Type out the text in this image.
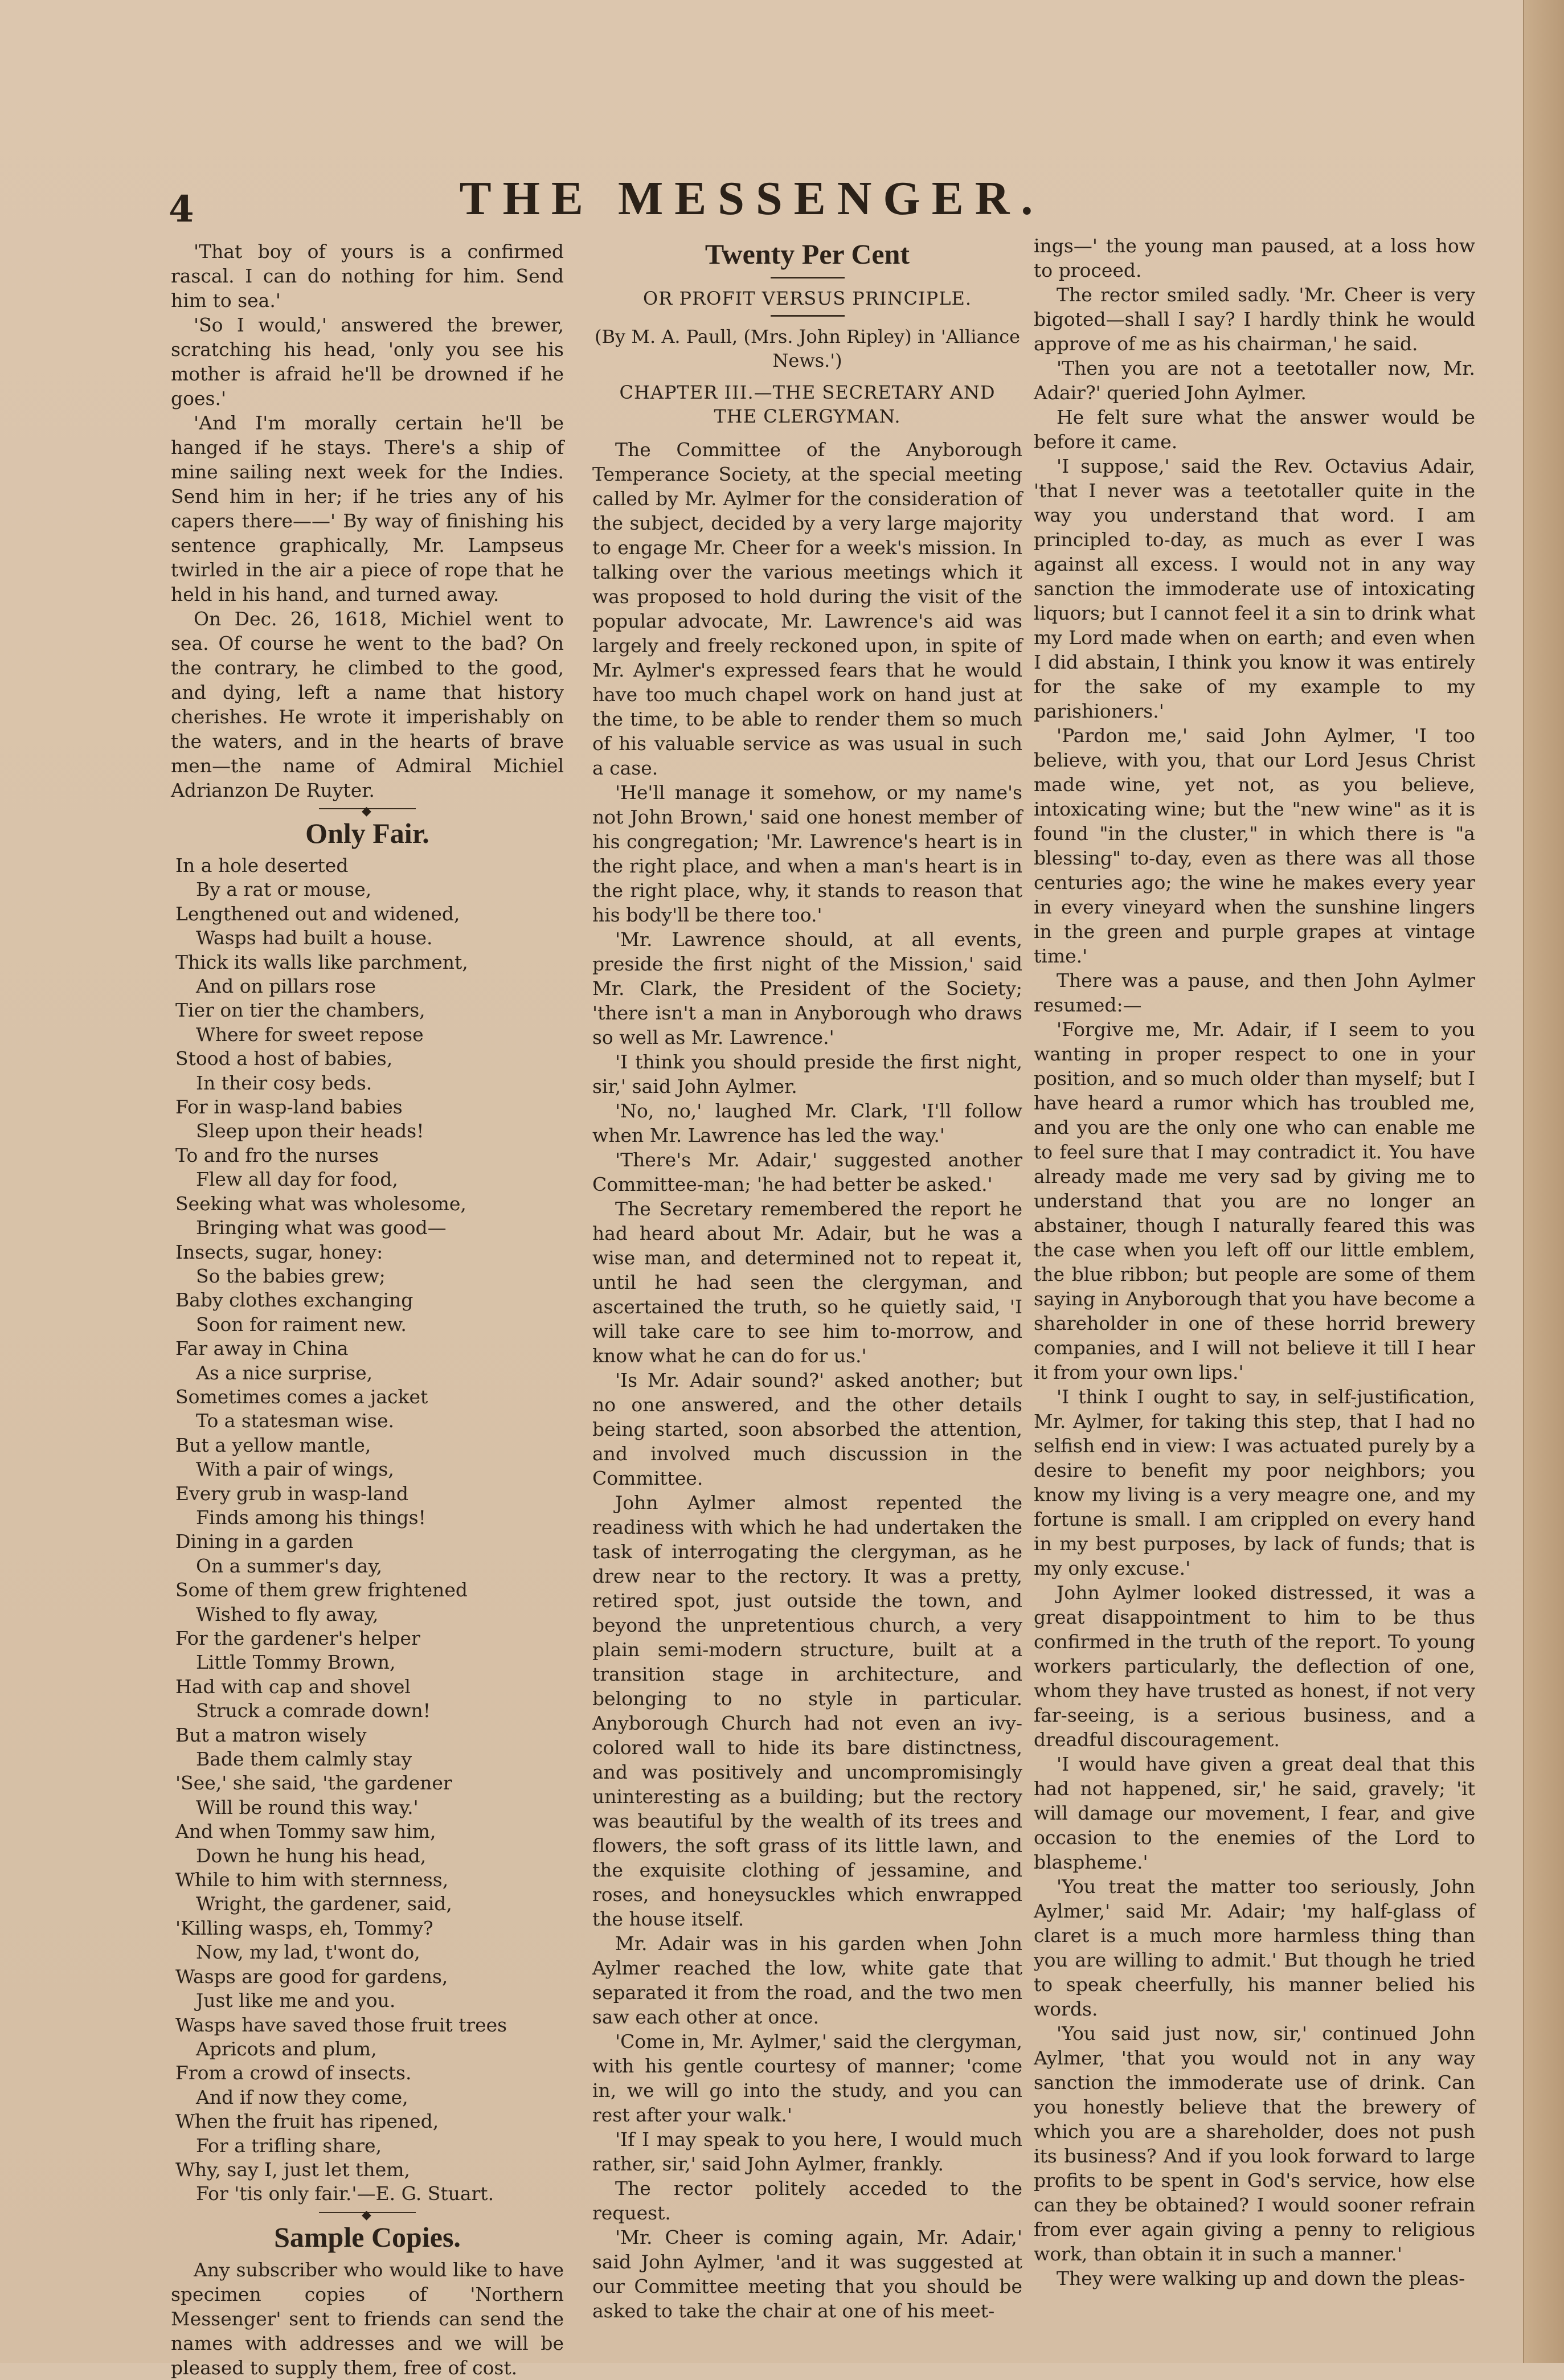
4	THE MESSENGER.

'That boy of yours is a confirmed rascal. I can do nothing for him. Send him to sea.'

'So I would,' answered the brewer, scratching his head, 'only you see his mother is afraid he'll be drowned if he goes.'

'And I'm morally certain he'll be hanged if he stays. There's a ship of mine sailing next week for the Indies. Send him in her; if he tries any of his capers there——' By way of finishing his sentence graphically, Mr. Lampseus twirled in the air a piece of rope that he held in his hand, and turned away.

On Dec. 26, 1618, Michiel went to sea. Of course he went to the bad? On the contrary, he climbed to the good, and dying, left a name that history cherishes. He wrote it imperishably on the waters, and in the hearts of brave men—the name of Admiral Michiel Adrianzon De Ruyter.

◆
Only Fair.
In a hole deserted
By a rat or mouse,
Lengthened out and widened,
Wasps had built a house.
Thick its walls like parchment,
And on pillars rose
Tier on tier the chambers,
Where for sweet repose
Stood a host of babies,
In their cosy beds.
For in wasp-land babies
Sleep upon their heads!
To and fro the nurses
Flew all day for food,
Seeking what was wholesome,
Bringing what was good—
Insects, sugar, honey:
So the babies grew;
Baby clothes exchanging
Soon for raiment new.
Far away in China
As a nice surprise,
Sometimes comes a jacket
To a statesman wise.
But a yellow mantle,
With a pair of wings,
Every grub in wasp-land
Finds among his things!
Dining in a garden
On a summer's day,
Some of them grew frightened
Wished to fly away,
For the gardener's helper
Little Tommy Brown,
Had with cap and shovel
Struck a comrade down!
But a matron wisely
Bade them calmly stay
'See,' she said, 'the gardener
Will be round this way.'
And when Tommy saw him,
Down he hung his head,
While to him with sternness,
Wright, the gardener, said,
'Killing wasps, eh, Tommy?
Now, my lad, t'wont do,
Wasps are good for gardens,
Just like me and you.
Wasps have saved those fruit trees
Apricots and plum,
From a crowd of insects.
And if now they come,
When the fruit has ripened,
For a trifling share,
Why, say I, just let them,
For 'tis only fair.'—E. G. Stuart.
◆
Sample Copies.

Any subscriber who would like to have specimen copies of 'Northern Messenger' sent to friends can send the names with addresses and we will be pleased to supply them, free of cost.

Twenty Per Cent
OR PROFIT VERSUS PRINCIPLE.
(By M. A. Paull, (Mrs. John Ripley) in 'Alliance News.')
CHAPTER III.—THE SECRETARY AND THE CLERGYMAN.

The Committee of the Anyborough Temperance Society, at the special meeting called by Mr. Aylmer for the consideration of the subject, decided by a very large majority to engage Mr. Cheer for a week's mission. In talking over the various meetings which it was proposed to hold during the visit of the popular advocate, Mr. Lawrence's aid was largely and freely reckoned upon, in spite of Mr. Aylmer's expressed fears that he would have too much chapel work on hand just at the time, to be able to render them so much of his valuable service as was usual in such a case.

'He'll manage it somehow, or my name's not John Brown,' said one honest member of his congregation; 'Mr. Lawrence's heart is in the right place, and when a man's heart is in the right place, why, it stands to reason that his body'll be there too.'

'Mr. Lawrence should, at all events, preside the first night of the Mission,' said Mr. Clark, the President of the Society; 'there isn't a man in Anyborough who draws so well as Mr. Lawrence.'

'I think you should preside the first night, sir,' said John Aylmer.

'No, no,' laughed Mr. Clark, 'I'll follow when Mr. Lawrence has led the way.'

'There's Mr. Adair,' suggested another Committee-man; 'he had better be asked.'

The Secretary remembered the report he had heard about Mr. Adair, but he was a wise man, and determined not to repeat it, until he had seen the clergyman, and ascertained the truth, so he quietly said, 'I will take care to see him to-morrow, and know what he can do for us.'

'Is Mr. Adair sound?' asked another; but no one answered, and the other details being started, soon absorbed the attention, and involved much discussion in the Committee.

John Aylmer almost repented the readiness with which he had undertaken the task of interrogating the clergyman, as he drew near to the rectory. It was a pretty, retired spot, just outside the town, and beyond the unpretentious church, a very plain semi-modern structure, built at a transition stage in architecture, and belonging to no style in particular. Anyborough Church had not even an ivy-colored wall to hide its bare distinctness, and was positively and uncompromisingly uninteresting as a building; but the rectory was beautiful by the wealth of its trees and flowers, the soft grass of its little lawn, and the exquisite clothing of jessamine, and roses, and honeysuckles which enwrapped the house itself.

Mr. Adair was in his garden when John Aylmer reached the low, white gate that separated it from the road, and the two men saw each other at once.

'Come in, Mr. Aylmer,' said the clergyman, with his gentle courtesy of manner; 'come in, we will go into the study, and you can rest after your walk.'

'If I may speak to you here, I would much rather, sir,' said John Aylmer, frankly.

The rector politely acceded to the request.

'Mr. Cheer is coming again, Mr. Adair,' said John Aylmer, 'and it was suggested at our Committee meeting that you should be asked to take the chair at one of his meet-

ings—' the young man paused, at a loss how to proceed.

The rector smiled sadly. 'Mr. Cheer is very bigoted—shall I say? I hardly think he would approve of me as his chairman,' he said.

'Then you are not a teetotaller now, Mr. Adair?' queried John Aylmer.

He felt sure what the answer would be before it came.

'I suppose,' said the Rev. Octavius Adair, 'that I never was a teetotaller quite in the way you understand that word. I am principled to-day, as much as ever I was against all excess. I would not in any way sanction the immoderate use of intoxicating liquors; but I cannot feel it a sin to drink what my Lord made when on earth; and even when I did abstain, I think you know it was entirely for the sake of my example to my parishioners.'

'Pardon me,' said John Aylmer, 'I too believe, with you, that our Lord Jesus Christ made wine, yet not, as you believe, intoxicating wine; but the "new wine" as it is found "in the cluster," in which there is "a blessing" to-day, even as there was all those centuries ago; the wine he makes every year in every vineyard when the sunshine lingers in the green and purple grapes at vintage time.'

There was a pause, and then John Aylmer resumed:—

'Forgive me, Mr. Adair, if I seem to you wanting in proper respect to one in your position, and so much older than myself; but I have heard a rumor which has troubled me, and you are the only one who can enable me to feel sure that I may contradict it. You have already made me very sad by giving me to understand that you are no longer an abstainer, though I naturally feared this was the case when you left off our little emblem, the blue ribbon; but people are some of them saying in Anyborough that you have become a shareholder in one of these horrid brewery companies, and I will not believe it till I hear it from your own lips.'

'I think I ought to say, in self-justification, Mr. Aylmer, for taking this step, that I had no selfish end in view: I was actuated purely by a desire to benefit my poor neighbors; you know my living is a very meagre one, and my fortune is small. I am crippled on every hand in my best purposes, by lack of funds; that is my only excuse.'

John Aylmer looked distressed, it was a great disappointment to him to be thus confirmed in the truth of the report. To young workers particularly, the deflection of one, whom they have trusted as honest, if not very far-seeing, is a serious business, and a dreadful discouragement.

'I would have given a great deal that this had not happened, sir,' he said, gravely; 'it will damage our movement, I fear, and give occasion to the enemies of the Lord to blaspheme.'

'You treat the matter too seriously, John Aylmer,' said Mr. Adair; 'my half-glass of claret is a much more harmless thing than you are willing to admit.' But though he tried to speak cheerfully, his manner belied his words.

'You said just now, sir,' continued John Aylmer, 'that you would not in any way sanction the immoderate use of drink. Can you honestly believe that the brewery of which you are a shareholder, does not push its business? And if you look forward to large profits to be spent in God's service, how else can they be obtained? I would sooner refrain from ever again giving a penny to religious work, than obtain it in such a manner.'

They were walking up and down the pleas-
